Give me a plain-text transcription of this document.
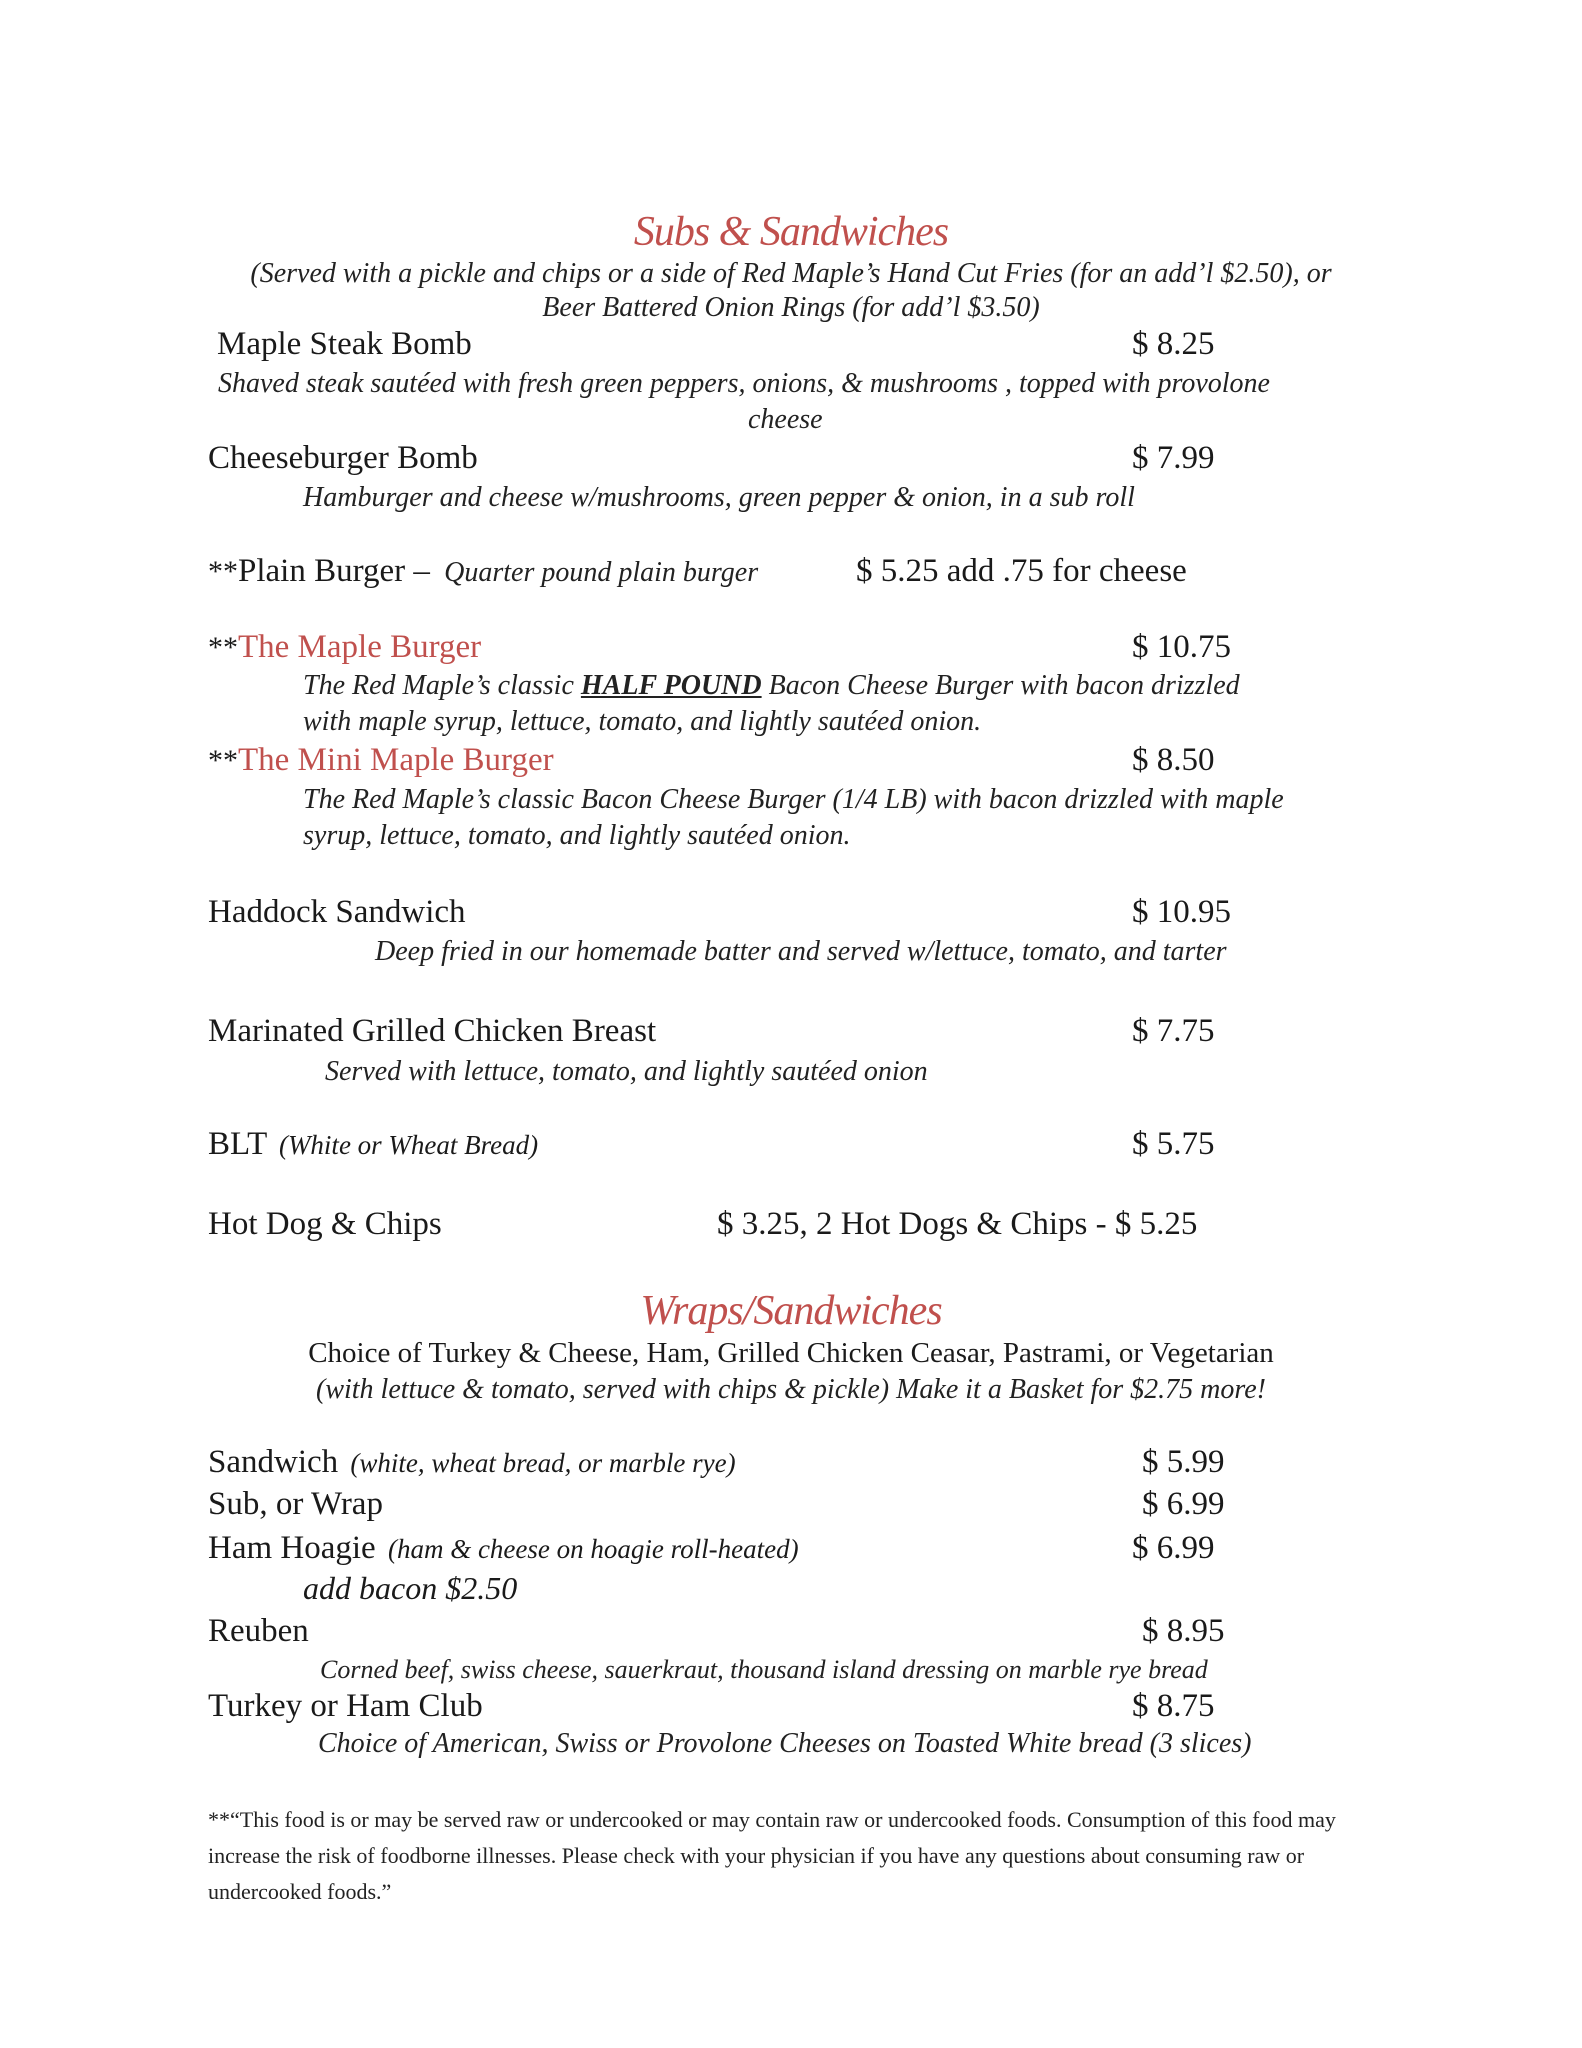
Subs & Sandwiches
(Served with a pickle and chips or a side of Red Maple’s Hand Cut Fries (for an add’l $2.50), or
Beer Battered Onion Rings (for add’l $3.50)
Maple Steak Bomb	$ 8.25
Shaved steak sautéed with fresh green peppers, onions, & mushrooms , topped with provolone
cheese
Cheeseburger Bomb	$ 7.99
Hamburger and cheese w/mushrooms, green pepper & onion, in a sub roll
**Plain Burger – Quarter pound plain burger	$ 5.25 add .75 for cheese
**The Maple Burger	$ 10.75
The Red Maple’s classic HALF POUND Bacon Cheese Burger with bacon drizzled
with maple syrup, lettuce, tomato, and lightly sautéed onion.
**The Mini Maple Burger	$ 8.50
The Red Maple’s classic Bacon Cheese Burger (1/4 LB) with bacon drizzled with maple
syrup, lettuce, tomato, and lightly sautéed onion.
Haddock Sandwich	$ 10.95
Deep fried in our homemade batter and served w/lettuce, tomato, and tarter
Marinated Grilled Chicken Breast	$ 7.75
Served with lettuce, tomato, and lightly sautéed onion
BLT (White or Wheat Bread)	$ 5.75
Hot Dog & Chips	$ 3.25, 2 Hot Dogs & Chips - $ 5.25
Wraps/Sandwiches
Choice of Turkey & Cheese, Ham, Grilled Chicken Ceasar, Pastrami, or Vegetarian
(with lettuce & tomato, served with chips & pickle) Make it a Basket for $2.75 more!
Sandwich (white, wheat bread, or marble rye)	$ 5.99
Sub, or Wrap	$ 6.99
Ham Hoagie (ham & cheese on hoagie roll-heated)	$ 6.99
add bacon $2.50
Reuben	$ 8.95
Corned beef, swiss cheese, sauerkraut, thousand island dressing on marble rye bread
Turkey or Ham Club	$ 8.75
Choice of American, Swiss or Provolone Cheeses on Toasted White bread (3 slices)
**“This food is or may be served raw or undercooked or may contain raw or undercooked foods. Consumption of this food may increase the risk of foodborne illnesses. Please check with your physician if you have any questions about consuming raw or undercooked foods.”
